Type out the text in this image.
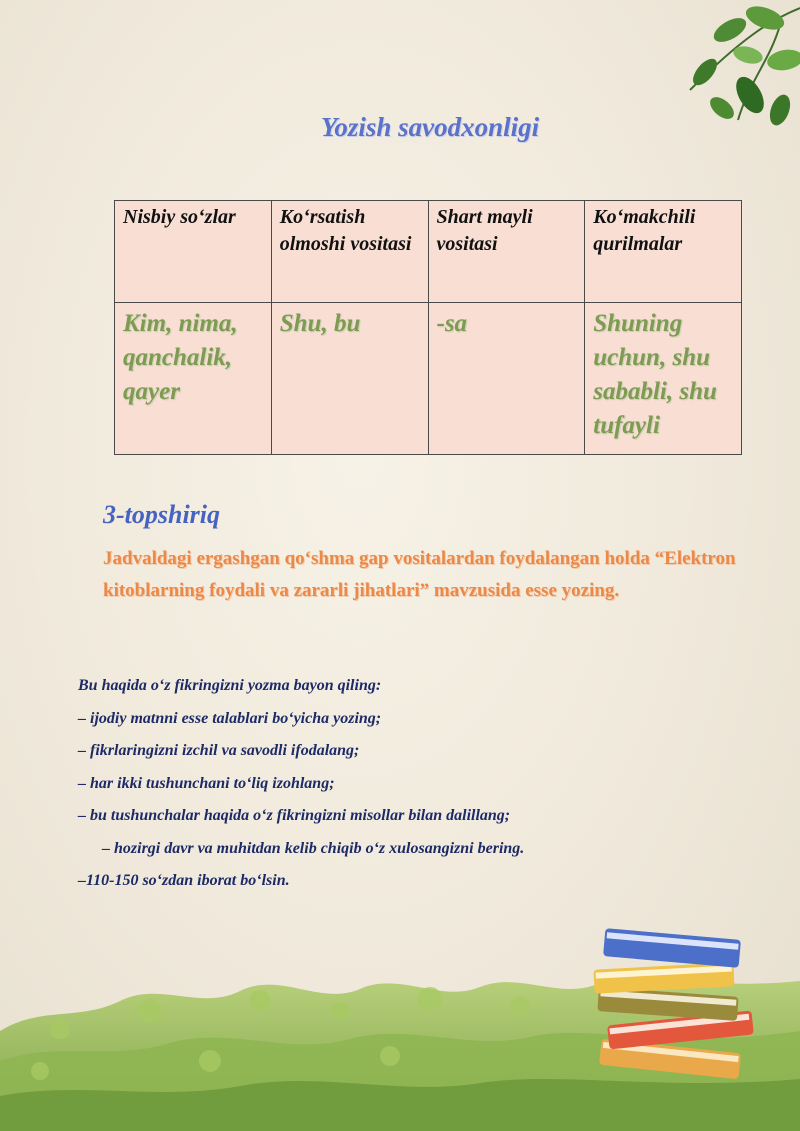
Yozish savodxonligi
Nisbiy so‘zlar	Ko‘rsatish olmoshi vositasi	Shart mayli vositasi	Ko‘makchili qurilmalar
Kim, nima, qanchalik, qayer	Shu, bu	-sa	Shuning uchun, shu sababli, shu tufayli
3-topshiriq

Jadvaldagi ergashgan qo‘shma gap vositalardan foydalangan holda “Elektron kitoblarning foydali va zararli jihatlari” mavzusida esse yozing.

Bu haqida o‘z fikringizni yozma bayon qiling:
– ijodiy matnni esse talablari bo‘yicha yozing;
– fikrlaringizni izchil va savodli ifodalang;
– har ikki tushunchani to‘liq izohlang;
– bu tushunchalar haqida o‘z fikringizni misollar bilan dalillang;
– hozirgi davr va muhitdan kelib chiqib o‘z xulosangizni bering.
–110-150 so‘zdan iborat bo‘lsin.
